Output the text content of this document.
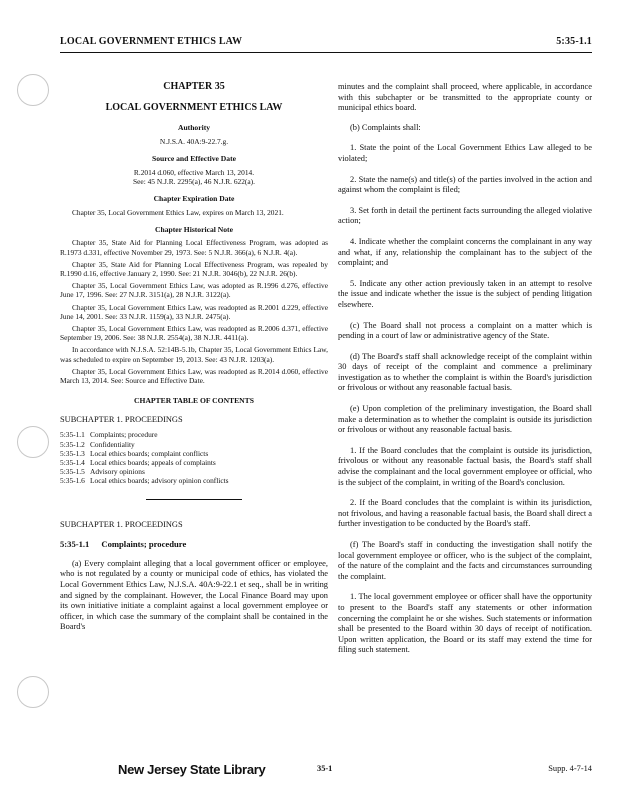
LOCAL GOVERNMENT ETHICS LAW	5:35-1.1
CHAPTER 35
LOCAL GOVERNMENT ETHICS LAW
Authority
N.J.S.A. 40A:9-22.7.g.
Source and Effective Date
R.2014 d.060, effective March 13, 2014.
See: 45 N.J.R. 2295(a), 46 N.J.R. 622(a).
Chapter Expiration Date
Chapter 35, Local Government Ethics Law, expires on March 13, 2021.
Chapter Historical Note
Chapter 35, State Aid for Planning Local Effectiveness Program, was adopted as R.1973 d.331, effective November 29, 1973. See: 5 N.J.R. 366(a), 6 N.J.R. 4(a).
Chapter 35, State Aid for Planning Local Effectiveness Program, was repealed by R.1990 d.16, effective January 2, 1990. See: 21 N.J.R. 3046(b), 22 N.J.R. 26(b).
Chapter 35, Local Government Ethics Law, was adopted as R.1996 d.276, effective June 17, 1996. See: 27 N.J.R. 3151(a), 28 N.J.R. 3122(a).
Chapter 35, Local Government Ethics Law, was readopted as R.2001 d.229, effective June 14, 2001. See: 33 N.J.R. 1159(a), 33 N.J.R. 2475(a).
Chapter 35, Local Government Ethics Law, was readopted as R.2006 d.371, effective September 19, 2006. See: 38 N.J.R. 2554(a), 38 N.J.R. 4411(a).
In accordance with N.J.S.A. 52:14B-5.1b, Chapter 35, Local Government Ethics Law, was scheduled to expire on September 19, 2013. See: 43 N.J.R. 1203(a).
Chapter 35, Local Government Ethics Law, was readopted as R.2014 d.060, effective March 13, 2014. See: Source and Effective Date.
CHAPTER TABLE OF CONTENTS
SUBCHAPTER 1. PROCEEDINGS
5:35-1.1 Complaints; procedure
5:35-1.2 Confidentiality
5:35-1.3 Local ethics boards; complaint conflicts
5:35-1.4 Local ethics boards; appeals of complaints
5:35-1.5 Advisory opinions
5:35-1.6 Local ethics boards; advisory opinion conflicts
SUBCHAPTER 1. PROCEEDINGS
5:35-1.1 Complaints; procedure

(a) Every complaint alleging that a local government officer or employee, who is not regulated by a county or municipal code of ethics, has violated the Local Government Ethics Law, N.J.S.A. 40A:9-22.1 et seq., shall be in writing and signed by the complainant. However, the Local Finance Board may upon its own initiative initiate a complaint against a local government employee or officer, in which case the summary of the complaint shall be contained in the Board's

minutes and the complaint shall proceed, where applicable, in accordance with this subchapter or be transmitted to the appropriate county or municipal ethics board.

(b) Complaints shall:

1. State the point of the Local Government Ethics Law alleged to be violated;

2. State the name(s) and title(s) of the parties involved in the action and against whom the complaint is filed;

3. Set forth in detail the pertinent facts surrounding the alleged violative action;

4. Indicate whether the complaint concerns the complainant in any way and what, if any, relationship the complainant has to the subject of the complaint; and

5. Indicate any other action previously taken in an attempt to resolve the issue and indicate whether the issue is the subject of pending litigation elsewhere.

(c) The Board shall not process a complaint on a matter which is pending in a court of law or administrative agency of the State.

(d) The Board's staff shall acknowledge receipt of the complaint within 30 days of receipt of the complaint and commence a preliminary investigation as to whether the complaint is within the Board's jurisdiction or frivolous or without any reasonable factual basis.

(e) Upon completion of the preliminary investigation, the Board shall make a determination as to whether the complaint is outside its jurisdiction or frivolous or without any reasonable factual basis.

1. If the Board concludes that the complaint is outside its jurisdiction, frivolous or without any reasonable factual basis, the Board's staff shall advise the complainant and the local government employee or official, who is the subject of the complaint, in writing of the Board's conclusion.

2. If the Board concludes that the complaint is within its jurisdiction, not frivolous, and having a reasonable factual basis, the Board shall direct a further investigation to be conducted by the Board's staff.

(f) The Board's staff in conducting the investigation shall notify the local government employee or officer, who is the subject of the complaint, of the nature of the complaint and the facts and circumstances surrounding the complaint.

1. The local government employee or officer shall have the opportunity to present to the Board's staff any statements or other information concerning the complaint he or she wishes. Such statements or information shall be presented to the Board within 30 days of receipt of notification. Upon written application, the Board or its staff may extend the time for filing such statement.

New Jersey State Library	35-1	Supp. 4-7-14
